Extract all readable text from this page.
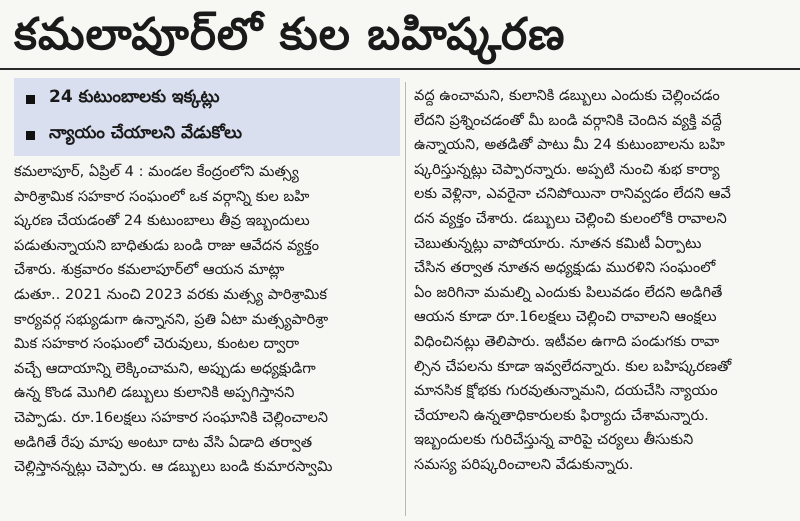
కమలాపూర్‌లో కుల బహిష్కరణ
24 కుటుంబాలకు ఇక్కట్లు
న్యాయం చేయాలని వేడుకోలు
కమలాపూర్, ఏప్రిల్ 4 : మండల కేంద్రంలోని మత్స్య
పారిశ్రామిక సహకార సంఘంలో ఒక వర్గాన్ని కుల బహి
ష్కరణ చేయడంతో 24 కుటుంబాలు తీవ్ర ఇబ్బందులు
పడుతున్నాయని బాధితుడు బండి రాజు ఆవేదన వ్యక్తం
చేశారు. శుక్రవారం కమలాపూర్‌లో ఆయన మాట్లా
డుతూ.. 2021 నుంచి 2023 వరకు మత్స్య పారిశ్రామిక
కార్యవర్గ సభ్యుడుగా ఉన్నానని, ప్రతి ఏటా మత్స్యపారిశ్రా
మిక సహకార సంఘంలో చెరువులు, కుంటల ద్వారా
వచ్చే ఆదాయాన్ని లెక్కించామని, అప్పుడు అధ్యక్షుడిగా
ఉన్న కొండ మొగిలి డబ్బులు కులానికి అప్పగిస్తానని
చెప్పాడు. రూ.16లక్షలు సహకార సంఘానికి చెల్లించాలని
అడిగితే రేపు మాపు అంటూ దాట వేసి ఏడాది తర్వాత
చెల్లిస్తానన్నట్లు చెప్పారు. ఆ డబ్బులు బండి కుమారస్వామి
వద్ద ఉంచామని, కులానికి డబ్బులు ఎందుకు చెల్లించడం
లేదని ప్రశ్నించడంతో మీ బండి వర్గానికి చెందిన వ్యక్తి వద్దే
ఉన్నాయని, అతడితో పాటు మీ 24 కుటుంబాలను బహి
ష్కరిస్తున్నట్లు చెప్పారన్నారు. అప్పటి నుంచి శుభ కార్యా
లకు వెళ్లినా, ఎవరైనా చనిపోయినా రానివ్వడం లేదని ఆవే
దన వ్యక్తం చేశారు. డబ్బులు చెల్లించి కులంలోకి రావాలని
చెబుతున్నట్లు వాపోయారు. నూతన కమిటీ ఏర్పాటు
చేసిన తర్వాత నూతన అధ్యక్షుడు మురళిని సంఘంలో
ఏం జరిగినా మమల్ని ఎందుకు పిలువడం లేదని అడిగితే
ఆయన కూడా రూ.16లక్షలు చెల్లించి రావాలని ఆంక్షలు
విధించినట్లు తెలిపారు. ఇటీవల ఉగాది పండుగకు రావా
ల్సిన చేపలను కూడా ఇవ్వలేదన్నారు. కుల బహిష్కరణతో
మానసిక క్షోభకు గురవుతున్నామని, దయచేసి న్యాయం
చేయాలని ఉన్నతాధికారులకు ఫిర్యాదు చేశామన్నారు.
ఇబ్బందులకు గురిచేస్తున్న వారిపై చర్యలు తీసుకుని
సమస్య పరిష్కరించాలని వేడుకున్నారు.
